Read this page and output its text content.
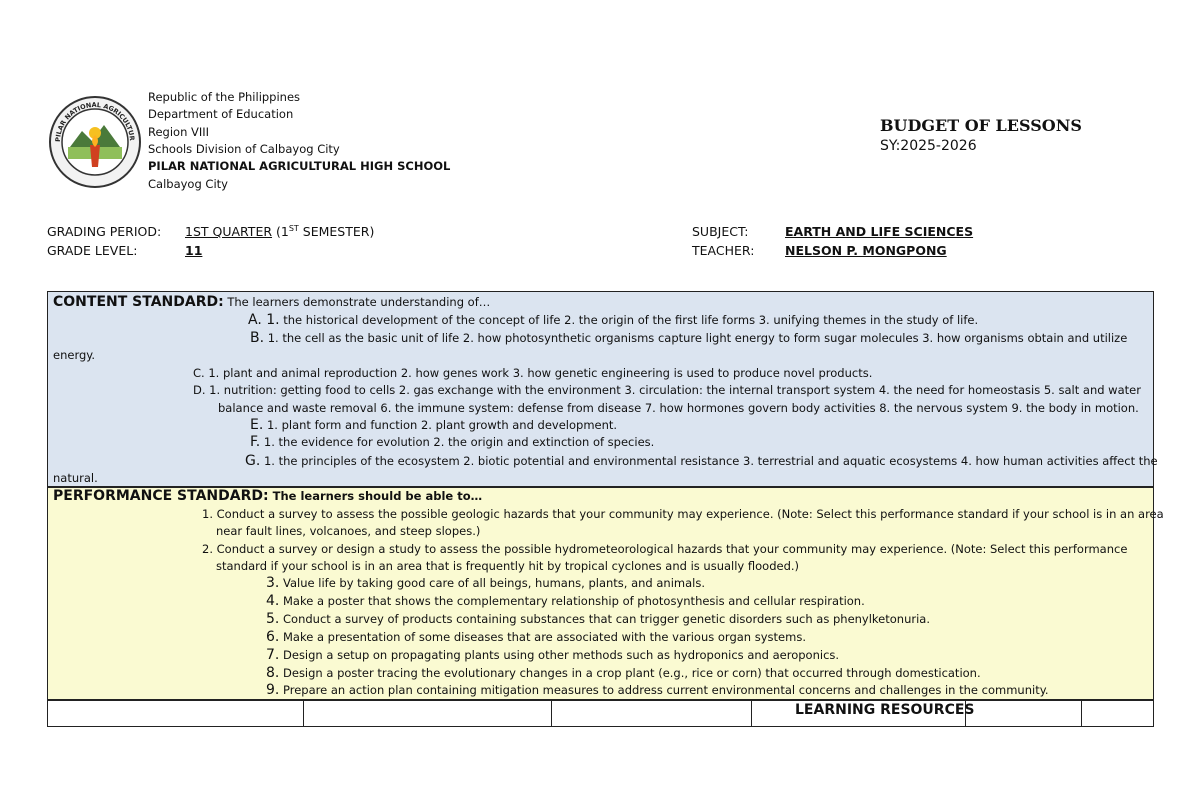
PILAR NATIONAL AGRICULTUR
Republic of the Philippines
Department of Education
Region VIII
Schools Division of Calbayog City
PILAR NATIONAL AGRICULTURAL HIGH SCHOOL
Calbayog City
BUDGET OF LESSONS
SY:2025-2026
GRADING PERIOD: 1ST QUARTER (1ST SEMESTER)
GRADE LEVEL:	11
SUBJECT:	EARTH AND LIFE SCIENCES
TEACHER: NELSON P. MONGPONG
CONTENT STANDARD: The learners demonstrate understanding of…
A. 1. the historical development of the concept of life 2. the origin of the first life forms 3. unifying themes in the study of life.
B. 1. the cell as the basic unit of life 2. how photosynthetic organisms capture light energy to form sugar molecules 3. how organisms obtain and utilize
energy.
C. 1. plant and animal reproduction 2. how genes work 3. how genetic engineering is used to produce novel products.
D. 1. nutrition: getting food to cells 2. gas exchange with the environment 3. circulation: the internal transport system 4. the need for homeostasis 5. salt and water
balance and waste removal 6. the immune system: defense from disease 7. how hormones govern body activities 8. the nervous system 9. the body in motion.
E. 1. plant form and function 2. plant growth and development.
F. 1. the evidence for evolution 2. the origin and extinction of species.
G. 1. the principles of the ecosystem 2. biotic potential and environmental resistance 3. terrestrial and aquatic ecosystems 4. how human activities affect the
natural.
PERFORMANCE STANDARD: The learners should be able to…
1. Conduct a survey to assess the possible geologic hazards that your community may experience. (Note: Select this performance standard if your school is in an area
near fault lines, volcanoes, and steep slopes.)
2. Conduct a survey or design a study to assess the possible hydrometeorological hazards that your community may experience. (Note: Select this performance
standard if your school is in an area that is frequently hit by tropical cyclones and is usually flooded.)
3. Value life by taking good care of all beings, humans, plants, and animals.
4. Make a poster that shows the complementary relationship of photosynthesis and cellular respiration.
5. Conduct a survey of products containing substances that can trigger genetic disorders such as phenylketonuria.
6. Make a presentation of some diseases that are associated with the various organ systems.
7. Design a setup on propagating plants using other methods such as hydroponics and aeroponics.
8. Design a poster tracing the evolutionary changes in a crop plant (e.g., rice or corn) that occurred through domestication.
9. Prepare an action plan containing mitigation measures to address current environmental concerns and challenges in the community.
LEARNING RESOURCES
